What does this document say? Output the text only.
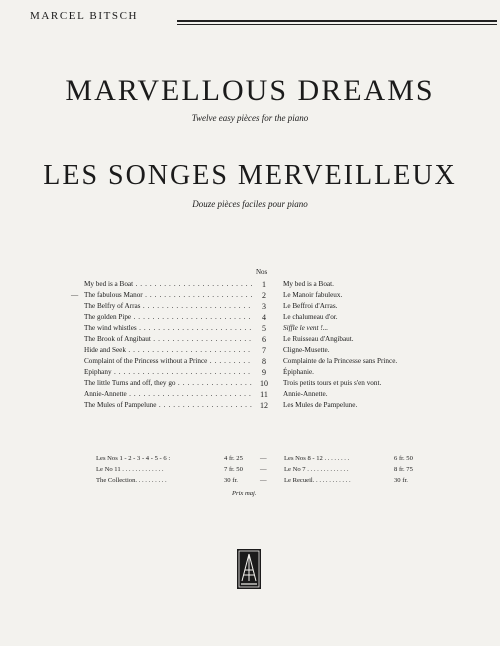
MARCEL BITSCH
MARVELLOUS DREAMS
Twelve easy pièces for the piano
LES SONGES MERVEILLEUX
Douze pièces faciles pour piano
Nos
My bed is a Boat . . .	1	My bed is a Boat.
— The fabulous Manor . . .	2	Le Manoir fabuleux.
The Belfry of Arras . . .	3	Le Beffroi d'Arras.
The golden Pipe . . .	4	Le chalumeau d'or.
The wind whistles . . .	5	Siffle le vent !...
The Brook of Angibaut . . .	6	Le Ruisseau d'Angibaut.
Hide and Seek . . .	7	Cligne-Musette.
Complaint of the Princess without a Prince . . .	8	Complainte de la Princesse sans Prince.
Epiphany . . .	9	Épiphanie.
The little Turns and off, they go . . .	10	Trois petits tours et puis s'en vont.
Annie-Annette . . .	11	Annie-Annette.
The Mules of Pampelune . . .	12	Les Mules de Pampelune.
Les Nos 1 - 2 - 3 - 4 - 5 - 6 :	4 fr. 25	—	Les Nos 8 - 12 . . . . . . . .	6 fr. 50
Le No 11 . . . . . . . . . . . . .	7 fr. 50	—	Le No 7 . . . . . . . . . . . . .	8 fr. 75
The Collection. . . . . . . . . .	30 fr.	—	Le Recueil. . . . . . . . . . . .	30 fr.
Prix maj.
